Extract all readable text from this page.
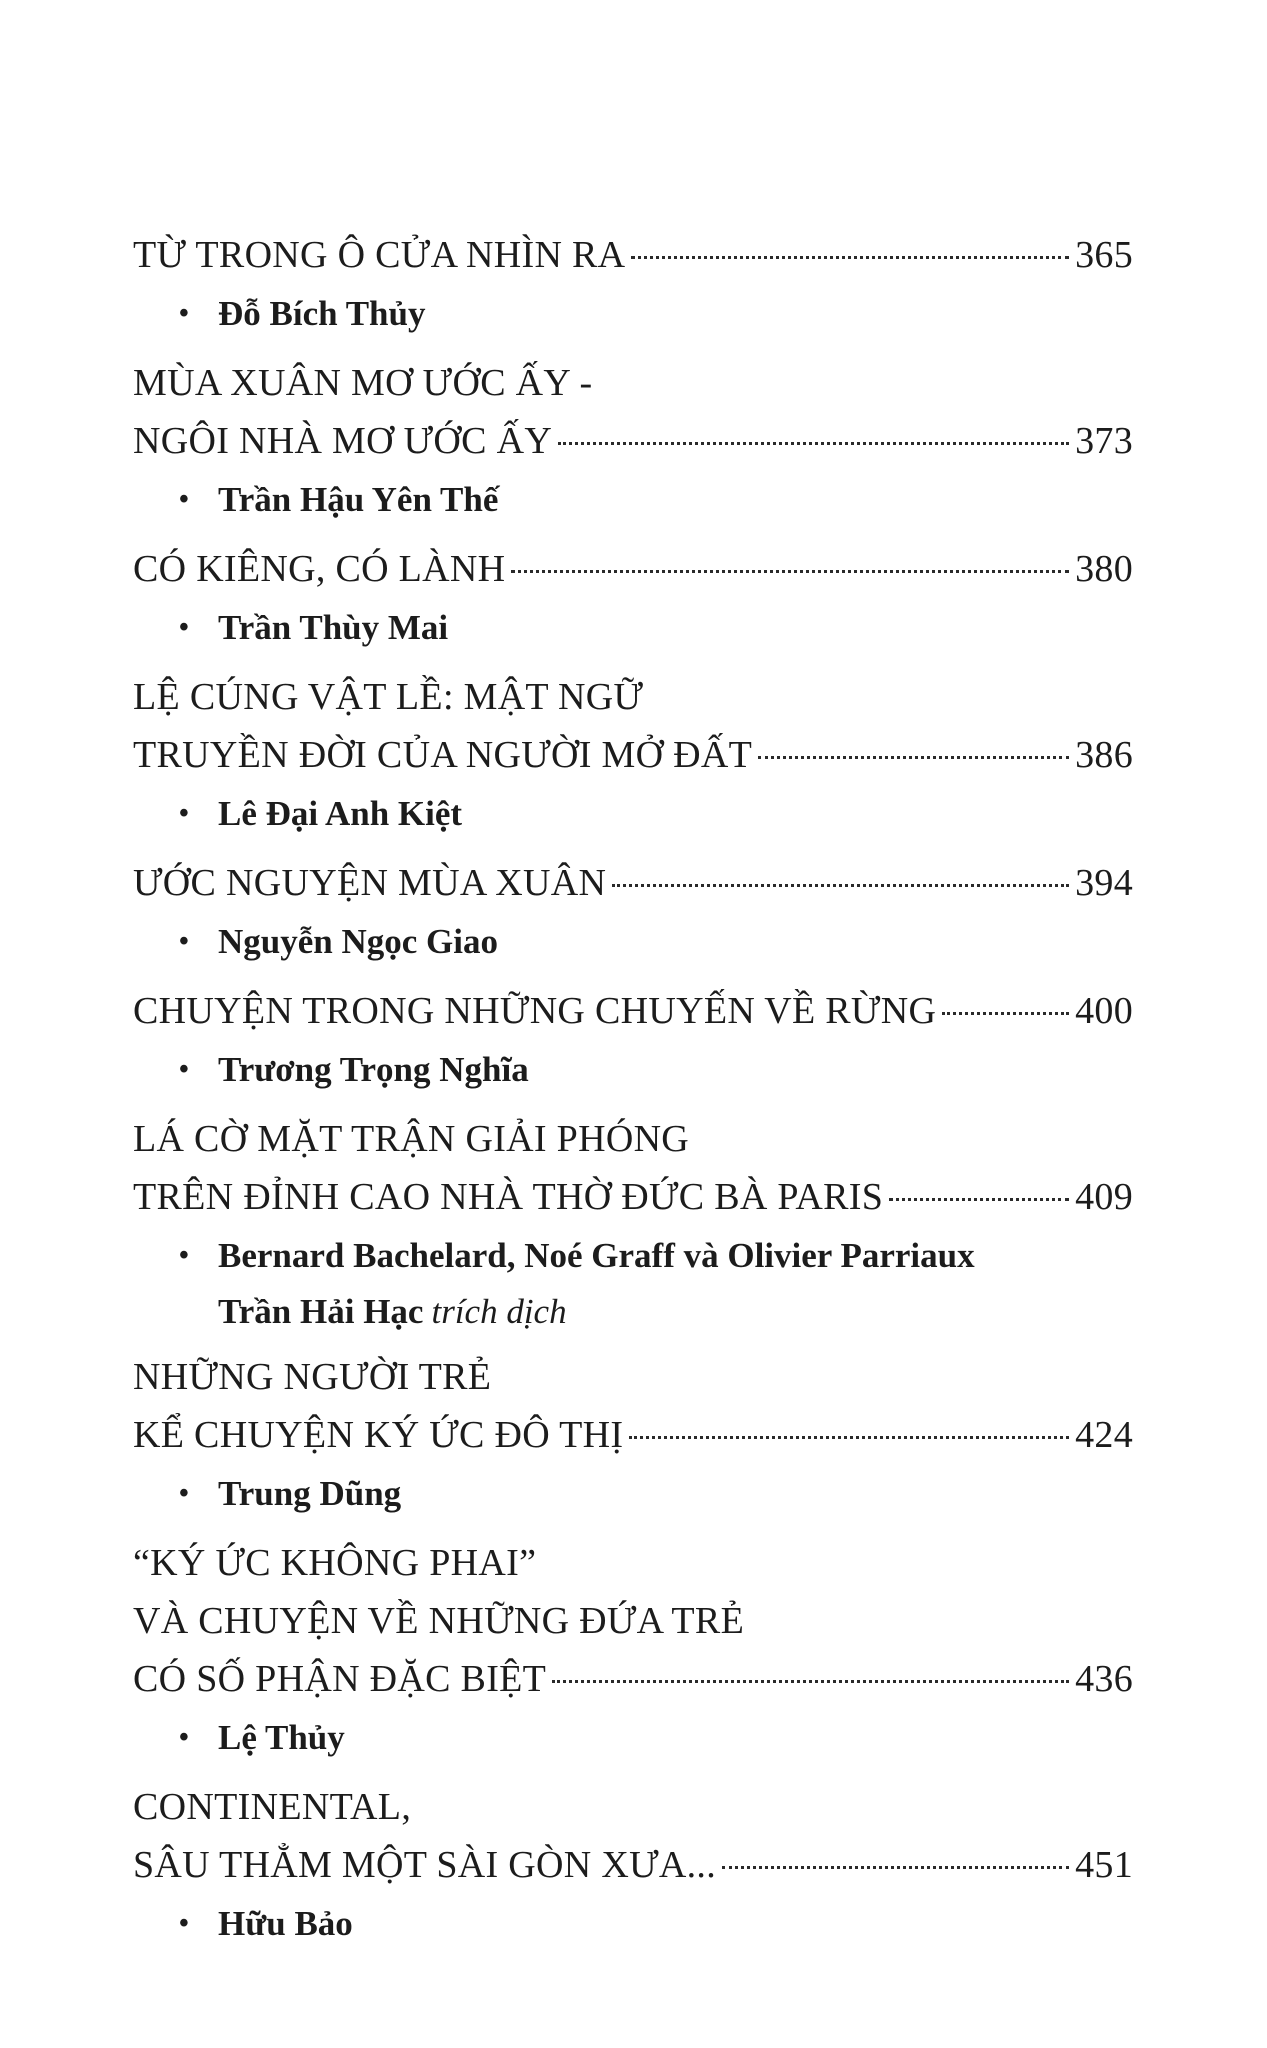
TỪ TRONG Ô CỬA NHÌN RA	365
• Đỗ Bích Thủy
MÙA XUÂN MƠ ƯỚC ẤY -
NGÔI NHÀ MƠ ƯỚC ẤY	373
• Trần Hậu Yên Thế
CÓ KIÊNG, CÓ LÀNH	380
• Trần Thùy Mai
LỆ CÚNG VẬT LỀ: MẬT NGỮ
TRUYỀN ĐỜI CỦA NGƯỜI MỞ ĐẤT	386
• Lê Đại Anh Kiệt
ƯỚC NGUYỆN MÙA XUÂN	394
• Nguyễn Ngọc Giao
CHUYỆN TRONG NHỮNG CHUYẾN VỀ RỪNG	400
• Trương Trọng Nghĩa
LÁ CỜ MẶT TRẬN GIẢI PHÓNG
TRÊN ĐỈNH CAO NHÀ THỜ ĐỨC BÀ PARIS	409
• Bernard Bachelard, Noé Graff và Olivier Parriaux
Trần Hải Hạc trích dịch
NHỮNG NGƯỜI TRẺ
KỂ CHUYỆN KÝ ỨC ĐÔ THỊ	424
• Trung Dũng
“KÝ ỨC KHÔNG PHAI”
VÀ CHUYỆN VỀ NHỮNG ĐỨA TRẺ
CÓ SỐ PHẬN ĐẶC BIỆT	436
• Lệ Thủy
CONTINENTAL,
SÂU THẲM MỘT SÀI GÒN XƯA...	451
• Hữu Bảo
